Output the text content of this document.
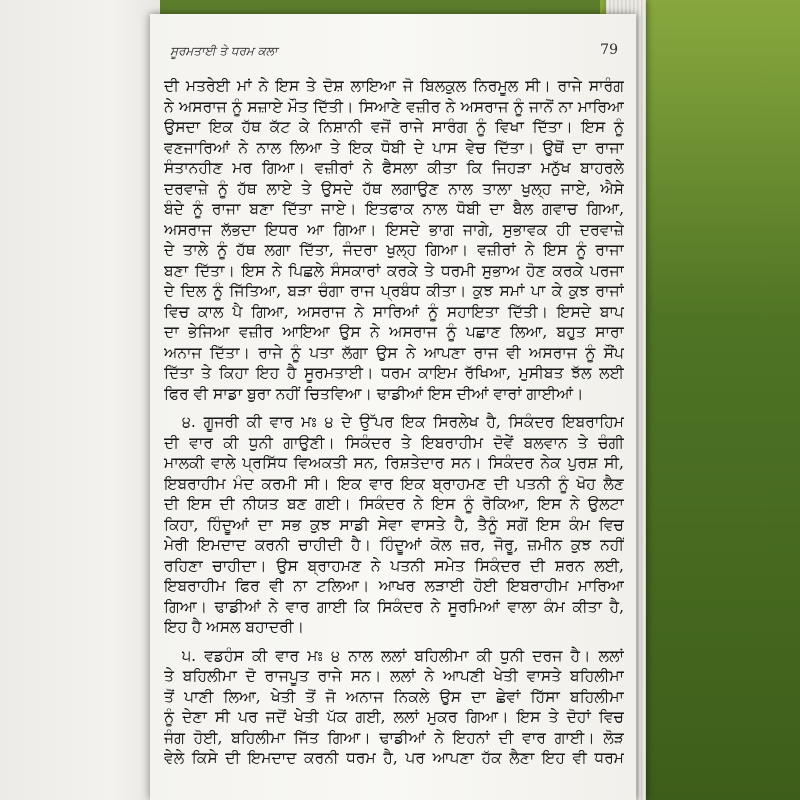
ਸੂਰਮਤਾਈ ਤੇ ਧਰਮ ਕਲਾ	79
ਦੀ ਮਤਰੇਈ ਮਾਂ ਨੇ ਇਸ ਤੇ ਦੋਸ਼ ਲਾਇਆ ਜੋ ਬਿਲਕੁਲ ਨਿਰਮੂਲ ਸੀ। ਰਾਜੇ ਸਾਰੰਗ
ਨੇ ਅਸਰਾਜ ਨੂੰ ਸਜ਼ਾਏ ਮੌਤ ਦਿੱਤੀ। ਸਿਆਣੇ ਵਜ਼ੀਰ ਨੇ ਅਸਰਾਜ ਨੂੰ ਜਾਨੋਂ ਨਾ ਮਾਰਿਆ
ਉਸਦਾ ਇਕ ਹੱਥ ਕੱਟ ਕੇ ਨਿਸ਼ਾਨੀ ਵਜੋਂ ਰਾਜੇ ਸਾਰੰਗ ਨੂੰ ਵਿਖਾ ਦਿੱਤਾ। ਇਸ ਨੂੰ
ਵਣਜਾਰਿਆਂ ਨੇ ਨਾਲ ਲਿਆ ਤੇ ਇਕ ਧੋਬੀ ਦੇ ਪਾਸ ਵੇਚ ਦਿੱਤਾ। ਉਥੋਂ ਦਾ ਰਾਜਾ
ਸੰਤਾਨਹੀਣ ਮਰ ਗਿਆ। ਵਜ਼ੀਰਾਂ ਨੇ ਫੈਸਲਾ ਕੀਤਾ ਕਿ ਜਿਹੜਾ ਮਨੁੱਖ ਬਾਹਰਲੇ
ਦਰਵਾਜ਼ੇ ਨੂੰ ਹੱਥ ਲਾਏ ਤੇ ਉਸਦੇ ਹੱਥ ਲਗਾਉਣ ਨਾਲ ਤਾਲਾ ਖੁਲ੍ਹ ਜਾਏ, ਐਸੇ
ਬੰਦੇ ਨੂੰ ਰਾਜਾ ਬਣਾ ਦਿੱਤਾ ਜਾਏ। ਇਤਫਾਕ ਨਾਲ ਧੋਬੀ ਦਾ ਬੈਲ ਗਵਾਚ ਗਿਆ,
ਅਸਰਾਜ ਲੱਭਦਾ ਇਧਰ ਆ ਗਿਆ। ਇਸਦੇ ਭਾਗ ਜਾਗੇ, ਸੁਭਾਵਕ ਹੀ ਦਰਵਾਜ਼ੇ
ਦੇ ਤਾਲੇ ਨੂੰ ਹੱਥ ਲਗਾ ਦਿੱਤਾ, ਜੰਦਰਾ ਖੁਲ੍ਹ ਗਿਆ। ਵਜ਼ੀਰਾਂ ਨੇ ਇਸ ਨੂੰ ਰਾਜਾ
ਬਣਾ ਦਿੱਤਾ। ਇਸ ਨੇ ਪਿਛਲੇ ਸੰਸਕਾਰਾਂ ਕਰਕੇ ਤੇ ਧਰਮੀ ਸੁਭਾਅ ਹੋਣ ਕਰਕੇ ਪਰਜਾ
ਦੇ ਦਿਲ ਨੂੰ ਜਿੱਤਿਆ, ਬੜਾ ਚੰਗਾ ਰਾਜ ਪ੍ਰਬੰਧ ਕੀਤਾ। ਕੁਝ ਸਮਾਂ ਪਾ ਕੇ ਕੁਝ ਰਾਜਾਂ
ਵਿਚ ਕਾਲ ਪੈ ਗਿਆ, ਅਸਰਾਜ ਨੇ ਸਾਰਿਆਂ ਨੂੰ ਸਹਾਇਤਾ ਦਿੱਤੀ। ਇਸਦੇ ਬਾਪ
ਦਾ ਭੇਜਿਆ ਵਜ਼ੀਰ ਆਇਆ ਉਸ ਨੇ ਅਸਰਾਜ ਨੂੰ ਪਛਾਣ ਲਿਆ, ਬਹੁਤ ਸਾਰਾ
ਅਨਾਜ ਦਿੱਤਾ। ਰਾਜੇ ਨੂੰ ਪਤਾ ਲੱਗਾ ਉਸ ਨੇ ਆਪਣਾ ਰਾਜ ਵੀ ਅਸਰਾਜ ਨੂੰ ਸੌਂਪ
ਦਿੱਤਾ ਤੇ ਕਿਹਾ ਇਹ ਹੈ ਸੂਰਮਤਾਈ। ਧਰਮ ਕਾਇਮ ਰੱਖਿਆ, ਮੁਸੀਬਤ ਝੱਲ ਲਈ
ਫਿਰ ਵੀ ਸਾਡਾ ਬੁਰਾ ਨਹੀਂ ਚਿਤਵਿਆ। ਢਾਡੀਆਂ ਇਸ ਦੀਆਂ ਵਾਰਾਂ ਗਾਈਆਂ।
੪. ਗੂਜਰੀ ਕੀ ਵਾਰ ਮਃ ੪ ਦੇ ਉੱਪਰ ਇਕ ਸਿਰਲੇਖ ਹੈ, ਸਿਕੰਦਰ ਇਬਰਾਹਿਮ
ਦੀ ਵਾਰ ਕੀ ਧੁਨੀ ਗਾਉਣੀ। ਸਿਕੰਦਰ ਤੇ ਇਬਰਾਹੀਮ ਦੋਵੇਂ ਬਲਵਾਨ ਤੇ ਚੰਗੀ
ਮਾਲਕੀ ਵਾਲੇ ਪ੍ਰਸਿੱਧ ਵਿਅਕਤੀ ਸਨ, ਰਿਸ਼ਤੇਦਾਰ ਸਨ। ਸਿਕੰਦਰ ਨੇਕ ਪੁਰਸ਼ ਸੀ,
ਇਬਰਾਹੀਮ ਮੰਦ ਕਰਮੀ ਸੀ। ਇਕ ਵਾਰ ਇਕ ਬ੍ਰਾਹਮਣ ਦੀ ਪਤਨੀ ਨੂੰ ਖੋਹ ਲੈਣ
ਦੀ ਇਸ ਦੀ ਨੀਯਤ ਬਣ ਗਈ। ਸਿਕੰਦਰ ਨੇ ਇਸ ਨੂੰ ਰੋਕਿਆ, ਇਸ ਨੇ ਉਲਟਾ
ਕਿਹਾ, ਹਿੰਦੂਆਂ ਦਾ ਸਭ ਕੁਝ ਸਾਡੀ ਸੇਵਾ ਵਾਸਤੇ ਹੈ, ਤੈਨੂੰ ਸਗੋਂ ਇਸ ਕੰਮ ਵਿਚ
ਮੇਰੀ ਇਮਦਾਦ ਕਰਨੀ ਚਾਹੀਦੀ ਹੈ। ਹਿੰਦੂਆਂ ਕੋਲ ਜ਼ਰ, ਜੋਰੂ, ਜ਼ਮੀਨ ਕੁਝ ਨਹੀਂ
ਰਹਿਣਾ ਚਾਹੀਦਾ। ਉਸ ਬ੍ਰਾਹਮਣ ਨੇ ਪਤਨੀ ਸਮੇਤ ਸਿਕੰਦਰ ਦੀ ਸ਼ਰਨ ਲਈ,
ਇਬਰਾਹੀਮ ਫਿਰ ਵੀ ਨਾ ਟਲਿਆ। ਆਖਰ ਲੜਾਈ ਹੋਈ ਇਬਰਾਹੀਮ ਮਾਰਿਆ
ਗਿਆ। ਢਾਡੀਆਂ ਨੇ ਵਾਰ ਗਾਈ ਕਿ ਸਿਕੰਦਰ ਨੇ ਸੂਰਮਿਆਂ ਵਾਲਾ ਕੰਮ ਕੀਤਾ ਹੈ,
ਇਹ ਹੈ ਅਸਲ ਬਹਾਦਰੀ।
੫. ਵਡਹੰਸ ਕੀ ਵਾਰ ਮਃ ੪ ਨਾਲ ਲਲਾਂ ਬਹਿਲੀਮਾ ਕੀ ਧੁਨੀ ਦਰਜ ਹੈ। ਲਲਾਂ
ਤੇ ਬਹਿਲੀਮਾ ਦੋ ਰਾਜਪੂਤ ਰਾਜੇ ਸਨ। ਲਲਾਂ ਨੇ ਆਪਣੀ ਖੇਤੀ ਵਾਸਤੇ ਬਹਿਲੀਮਾ
ਤੋਂ ਪਾਣੀ ਲਿਆ, ਖੇਤੀ ਤੋਂ ਜੋ ਅਨਾਜ ਨਿਕਲੇ ਉਸ ਦਾ ਛੇਵਾਂ ਹਿੱਸਾ ਬਹਿਲੀਮਾ
ਨੂੰ ਦੇਣਾ ਸੀ ਪਰ ਜਦੋਂ ਖੇਤੀ ਪੱਕ ਗਈ, ਲਲਾਂ ਮੁਕਰ ਗਿਆ। ਇਸ ਤੇ ਦੋਹਾਂ ਵਿਚ
ਜੰਗ ਹੋਈ, ਬਹਿਲੀਮਾ ਜਿੱਤ ਗਿਆ। ਢਾਡੀਆਂ ਨੇ ਇਹਨਾਂ ਦੀ ਵਾਰ ਗਾਈ। ਲੋੜ
ਵੇਲੇ ਕਿਸੇ ਦੀ ਇਮਦਾਦ ਕਰਨੀ ਧਰਮ ਹੈ, ਪਰ ਆਪਣਾ ਹੱਕ ਲੈਣਾ ਇਹ ਵੀ ਧਰਮ
